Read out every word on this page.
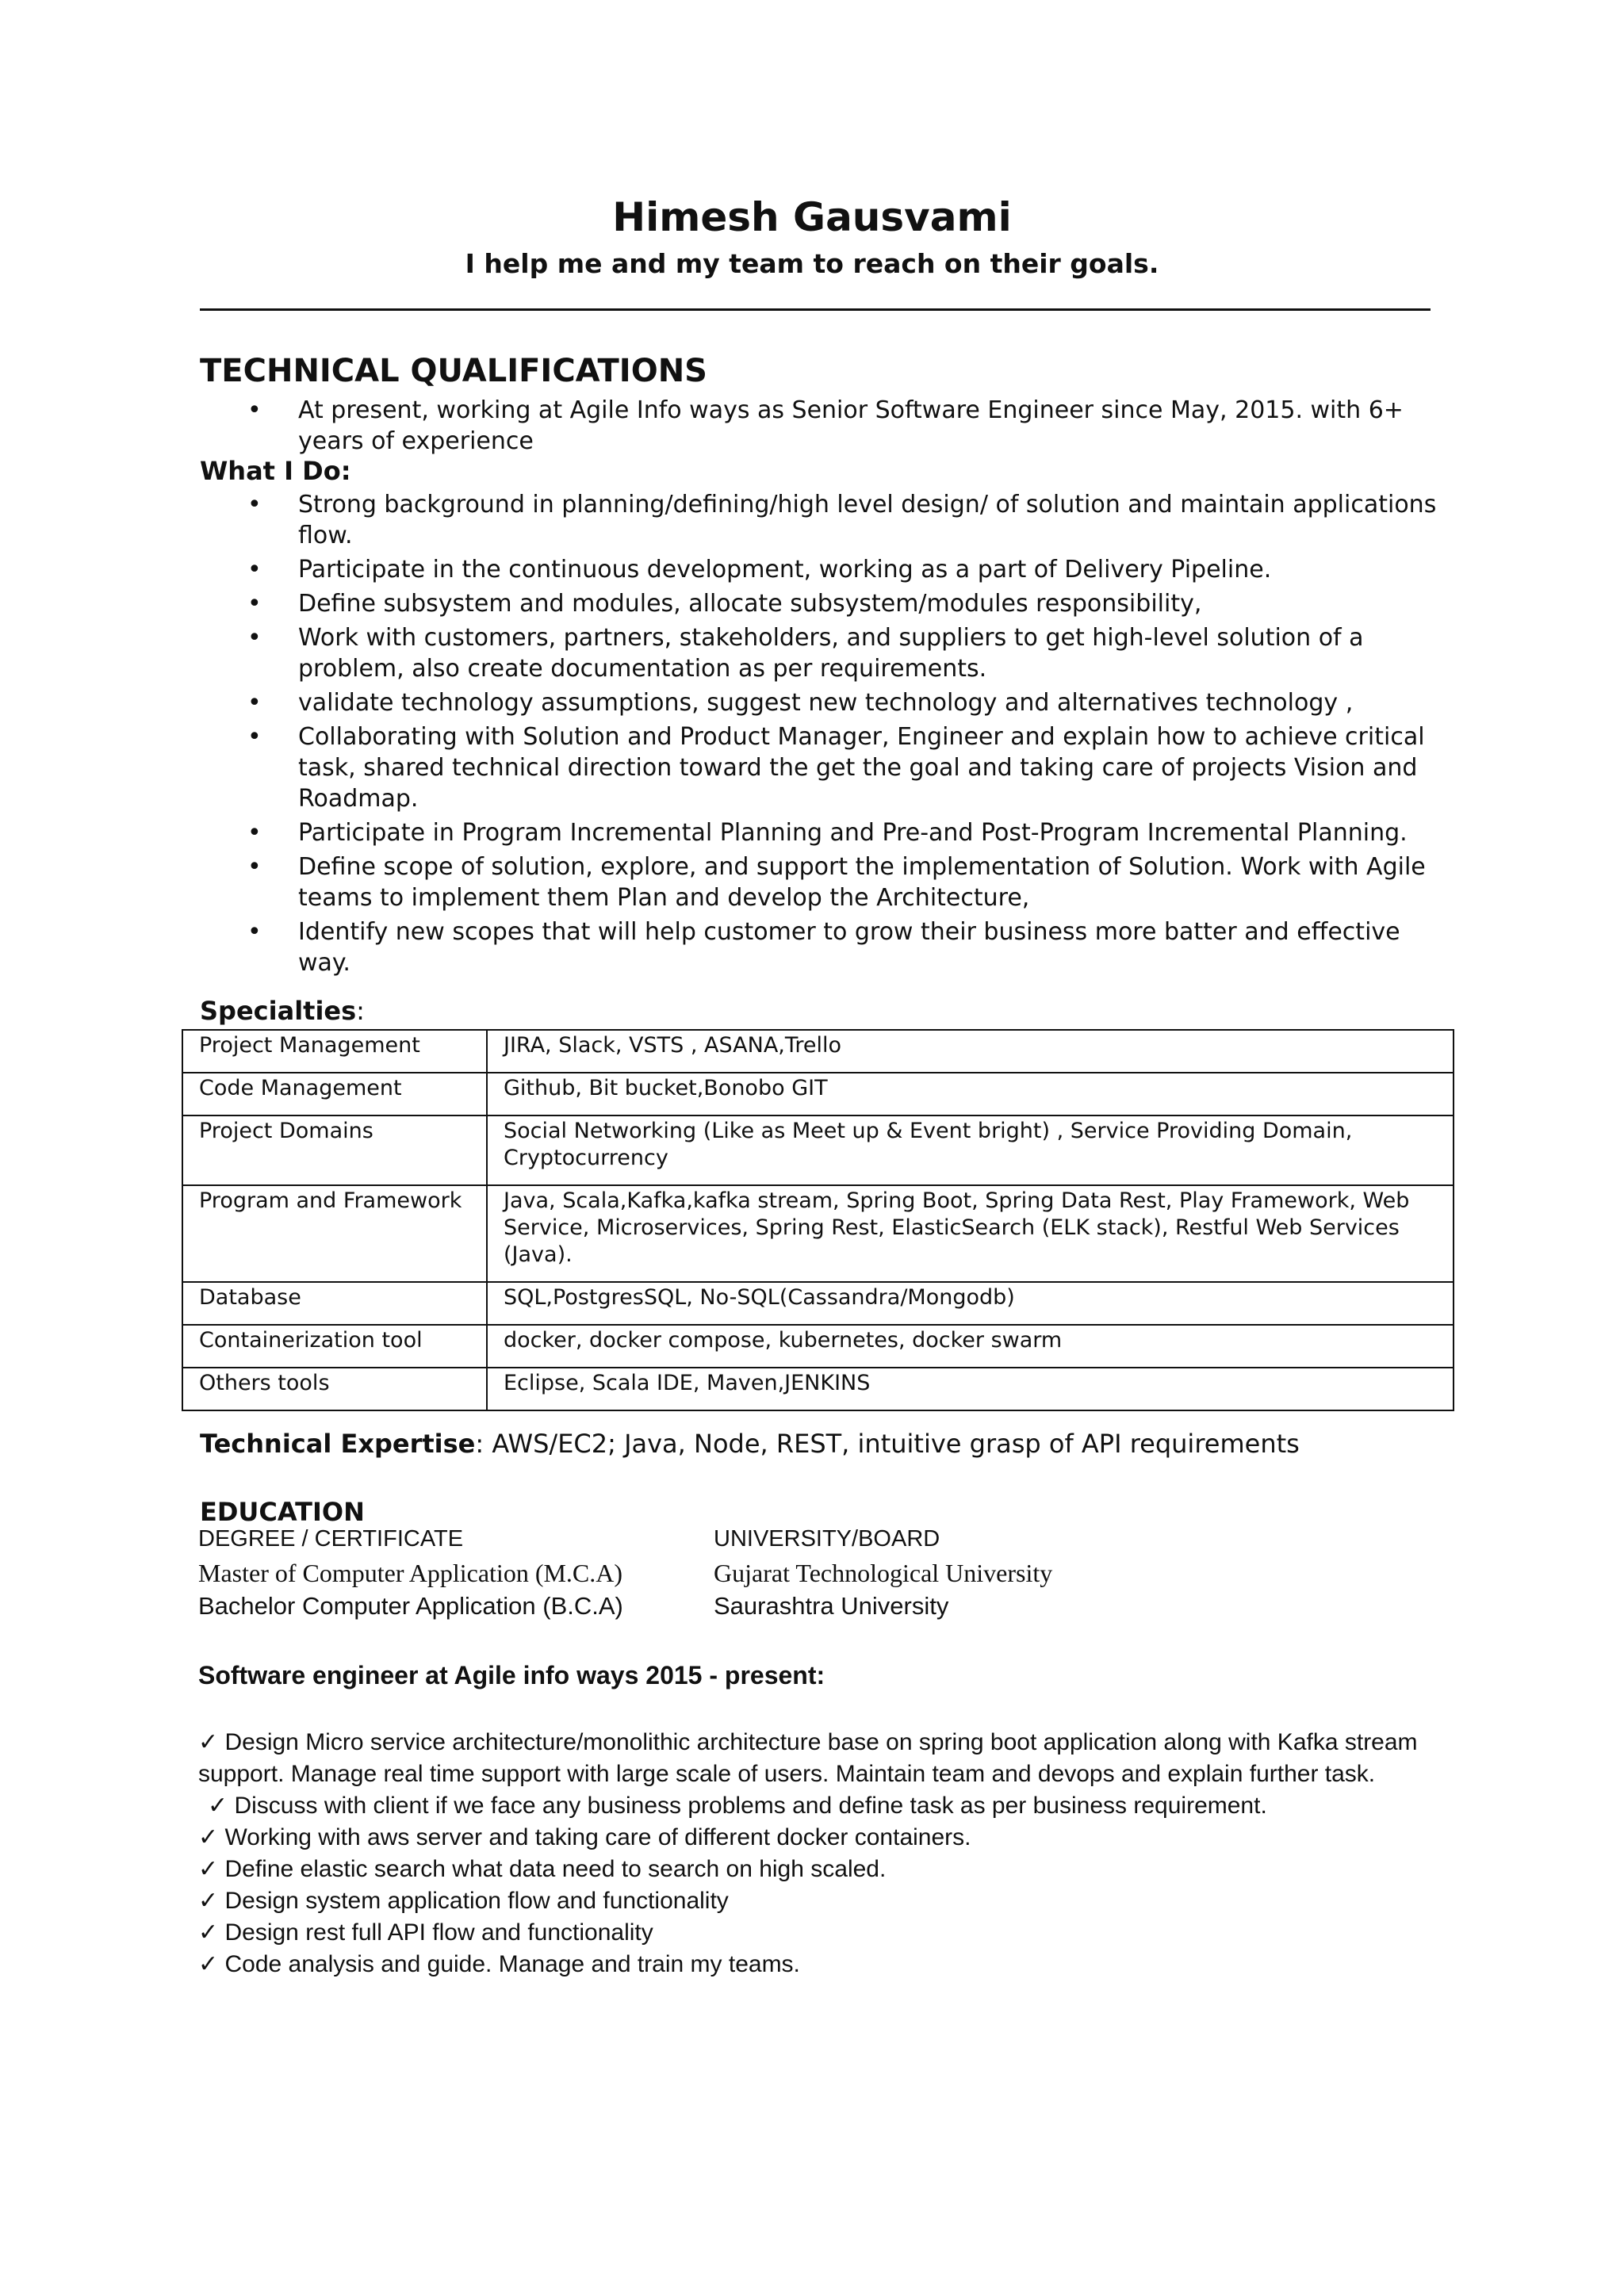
Himesh Gausvami
I help me and my team to reach on their goals.
TECHNICAL QUALIFICATIONS
• At present, working at Agile Info ways as Senior Software Engineer since May, 2015. with 6+ years of experience
What I Do:
• Strong background in planning/defining/high level design/ of solution and maintain applications flow.
• Participate in the continuous development, working as a part of Delivery Pipeline.
• Define subsystem and modules, allocate subsystem/modules responsibility,
• Work with customers, partners, stakeholders, and suppliers to get high-level solution of a problem, also create documentation as per requirements.
• validate technology assumptions, suggest new technology and alternatives technology ,
• Collaborating with Solution and Product Manager, Engineer and explain how to achieve critical task, shared technical direction toward the get the goal and taking care of projects Vision and Roadmap.
• Participate in Program Incremental Planning and Pre-and Post-Program Incremental Planning.
• Define scope of solution, explore, and support the implementation of Solution. Work with Agile teams to implement them Plan and develop the Architecture,
• Identify new scopes that will help customer to grow their business more batter and effective way.
Specialties:
Project Management	JIRA, Slack, VSTS , ASANA,Trello
Code Management	Github, Bit bucket,Bonobo GIT
Project Domains	Social Networking (Like as Meet up & Event bright) , Service Providing Domain, Cryptocurrency
Program and Framework	Java, Scala,Kafka,kafka stream, Spring Boot, Spring Data Rest, Play Framework, Web Service, Microservices, Spring Rest, ElasticSearch (ELK stack), Restful Web Services (Java).
Database	SQL,PostgresSQL, No-SQL(Cassandra/Mongodb)
Containerization tool	docker, docker compose, kubernetes, docker swarm
Others tools	Eclipse, Scala IDE, Maven,JENKINS
Technical Expertise: AWS/EC2; Java, Node, REST, intuitive grasp of API requirements
EDUCATION
DEGREE / CERTIFICATE	UNIVERSITY/BOARD
Master of Computer Application (M.C.A)	Gujarat Technological University
Bachelor Computer Application (B.C.A)	Saurashtra University
Software engineer at Agile info ways 2015 - present:
✓ Design Micro service architecture/monolithic architecture base on spring boot application along with Kafka stream support. Manage real time support with large scale of users. Maintain team and devops and explain further task.
✓ Discuss with client if we face any business problems and define task as per business requirement.
✓ Working with aws server and taking care of different docker containers.
✓ Define elastic search what data need to search on high scaled.
✓ Design system application flow and functionality
✓ Design rest full API flow and functionality
✓ Code analysis and guide. Manage and train my teams.
